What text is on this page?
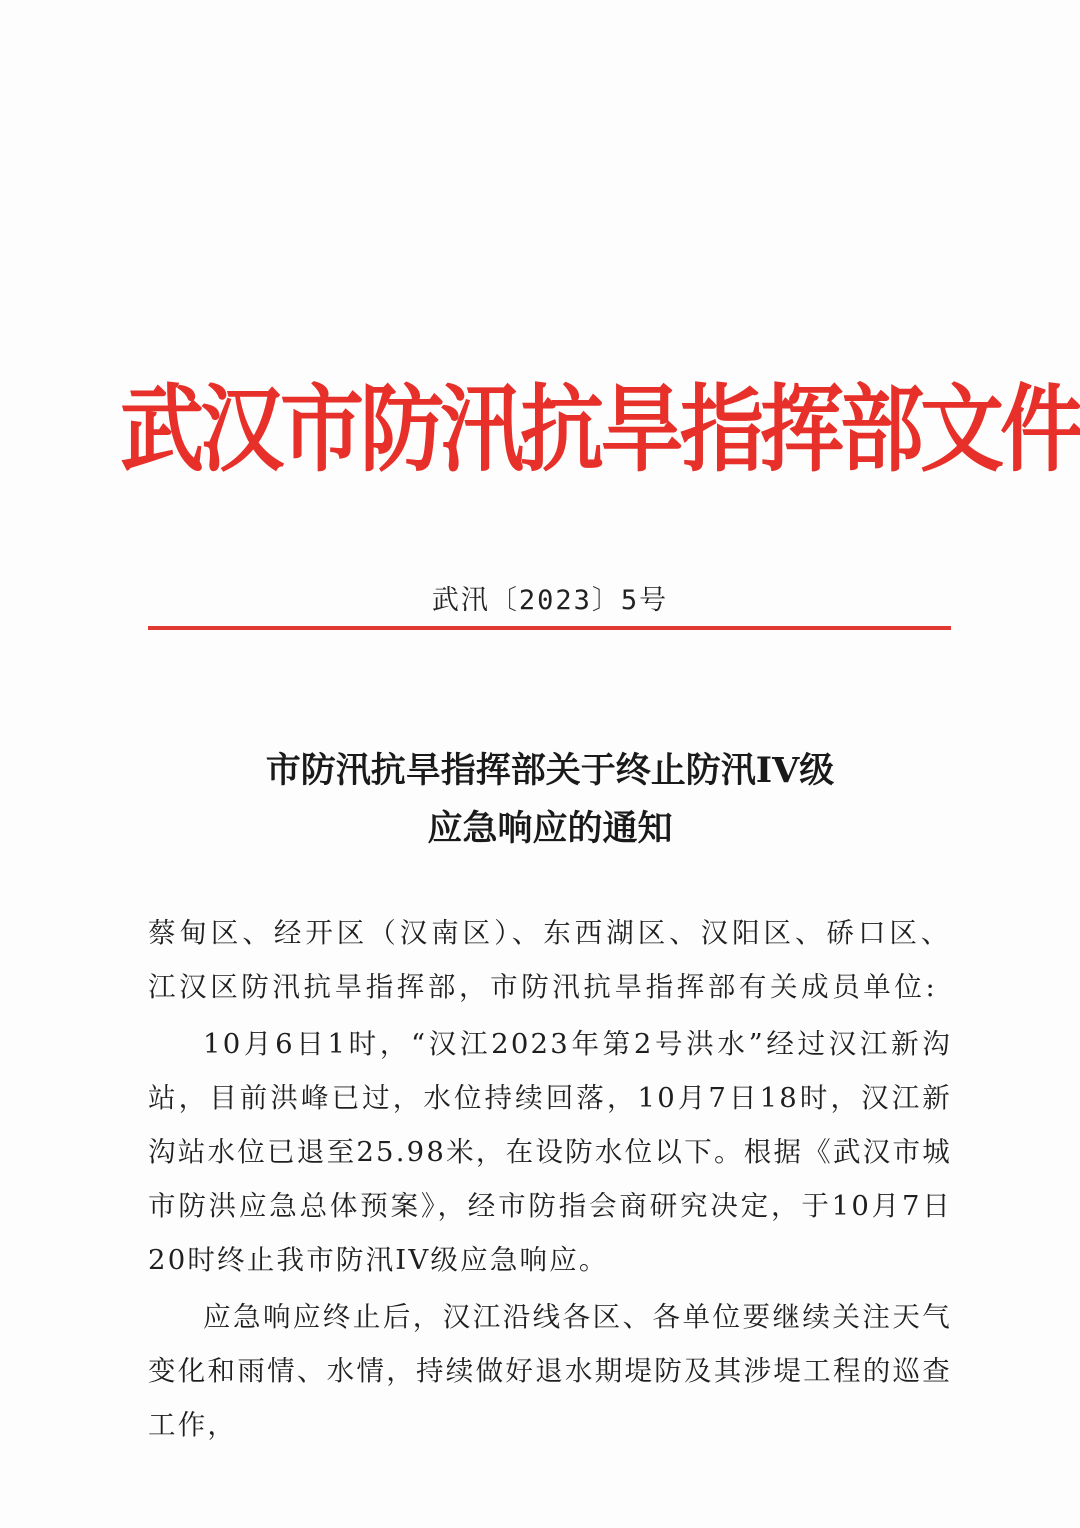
武汉市防汛抗旱指挥部文件
武汛〔2023〕5号
市防汛抗旱指挥部关于终止防汛IV级
应急响应的通知

蔡甸区、经开区（汉南区）、东西湖区、汉阳区、硚口区、江汉区防汛抗旱指挥部，市防汛抗旱指挥部有关成员单位:

10月6日1时，“汉江2023年第2号洪水”经过汉江新沟站，目前洪峰已过，水位持续回落，10月7日18时，汉江新沟站水位已退至25.98米，在设防水位以下。根据《武汉市城市防洪应急总体预案》，经市防指会商研究决定，于10月7日20时终止我市防汛IV级应急响应。

应急响应终止后，汉江沿线各区、各单位要继续关注天气变化和雨情、水情，持续做好退水期堤防及其涉堤工程的巡查工作，
